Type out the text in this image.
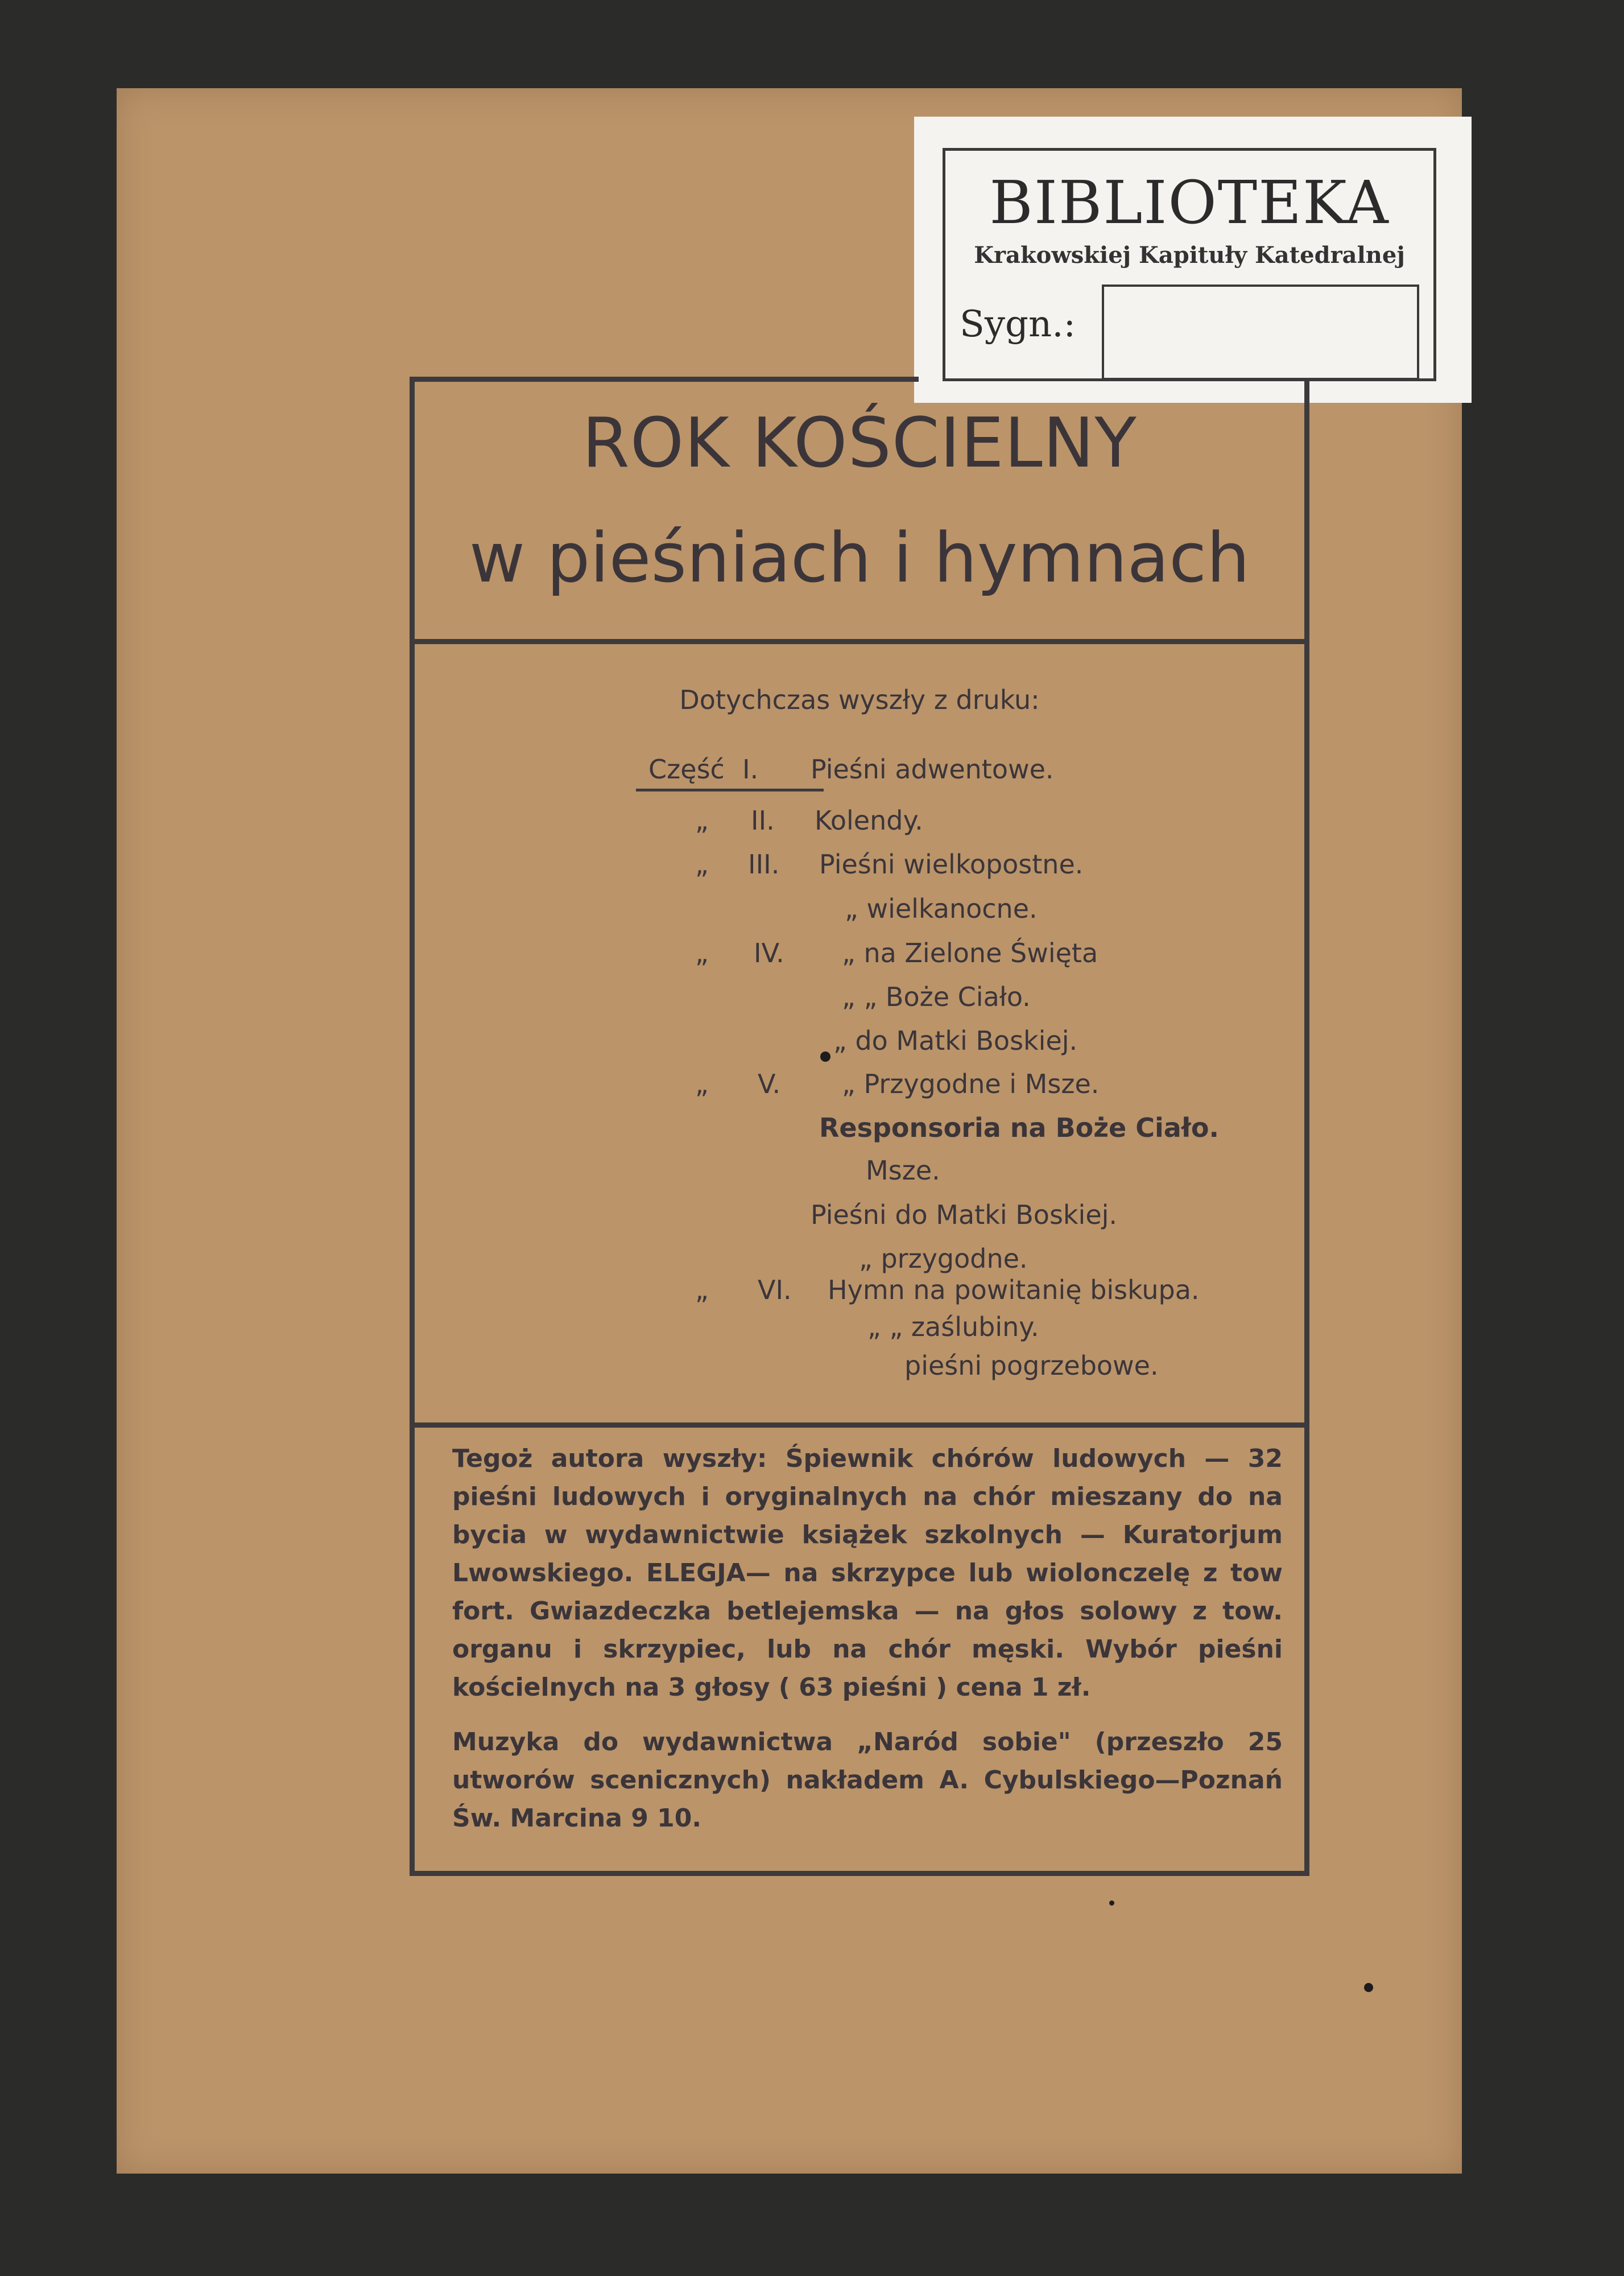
BIBLIOTEKA
Krakowskiej Kapituły Katedralnej
Sygn.:
ROK KOŚCIELNY
w pieśniach i hymnach
Dotychczas wyszły z druku:
Część I. Pieśni adwentowe.
„ II. Kolendy.
„ III. Pieśni wielkopostne.
„ wielkanocne.
„ IV. „ na Zielone Święta
„ „ Boże Ciało.
„ do Matki Boskiej.
„ V. „ Przygodne i Msze.
Responsoria na Boże Ciało.
Msze.
Pieśni do Matki Boskiej.
„ przygodne.
„ VI. Hymn na powitanię biskupa.
„ „ zaślubiny.
pieśni pogrzebowe.
Tegoż autora wyszły: Śpiewnik chórów ludowych — 32 pieśni ludowych i oryginalnych na chór mieszany do na bycia w wydawnictwie książek szkolnych — Kuratorjum Lwowskiego. ELEGJA— na skrzypce lub wiolonczelę z tow fort. Gwiazdeczka betlejemska — na głos solowy z tow. organu i skrzypiec, lub na chór męski. Wybór pieśni kościelnych na 3 głosy ( 63 pieśni ) cena 1 zł.
Muzyka do wydawnictwa „Naród sobie" (przeszło 25 utworów scenicznych) nakładem A. Cybulskiego—Poznań Św. Marcina 9 10.
